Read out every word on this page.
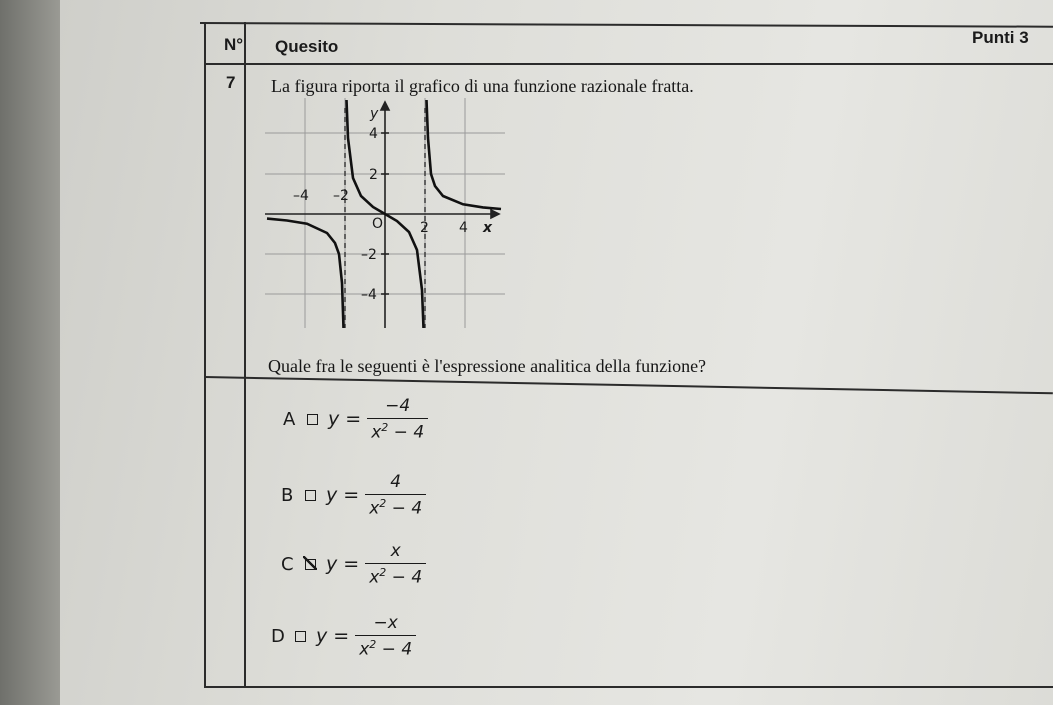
N° Quesito	Punti 3
7 La figura riporta il grafico di una funzione razionale fratta.
y
x
O
–4 –2
2 4
4
2
–2
–4
Quale fra le seguenti è l'espressione analitica della funzione?
A $y = \frac{-4}{x^2 - 4}$
B $y = \frac{4}{x^2 - 4}$
C $y = \frac{x}{x^2 - 4}$
D $y = \frac{-x}{x^2 - 4}$
